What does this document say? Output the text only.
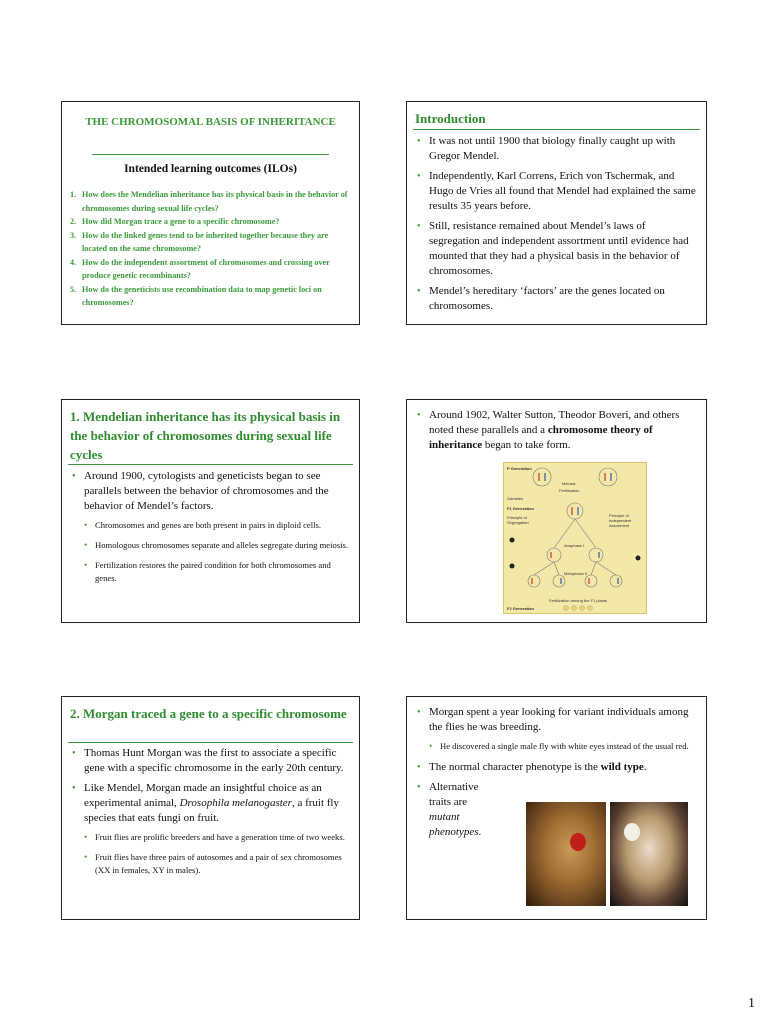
THE CHROMOSOMAL BASIS OF INHERITANCE
Intended learning outcomes (ILOs)
1. How does the Mendelian inheritance has its physical basis in the behavior of chromosomes during sexual life cycles?
2. How did Morgan trace a gene to a specific chromosome?
3. How do the linked genes tend to be inherited together because they are located on the same chromosome?
4. How do the independent assortment of chromosomes and crossing over produce genetic recombinants?
5. How do the geneticists use recombination data to map genetic loci on chromosomes?
Introduction
• It was not until 1900 that biology finally caught up with Gregor Mendel.
• Independently, Karl Correns, Erich von Tschermak, and Hugo de Vries all found that Mendel had explained the same results 35 years before.
• Still, resistance remained about Mendel’s laws of segregation and independent assortment until evidence had mounted that they had a physical basis in the behavior of chromosomes.
• Mendel’s hereditary ‘factors’ are the genes located on chromosomes.
1. Mendelian inheritance has its physical basis in the behavior of chromosomes during sexual life cycles
• Around 1900, cytologists and geneticists began to see parallels between the behavior of chromosomes and the behavior of Mendel’s factors.
• Chromosomes and genes are both present in pairs in diploid cells.
• Homologous chromosomes separate and alleles segregate during meiosis.
• Fertilization restores the paired condition for both chromosomes and genes.
• Around 1902, Walter Sutton, Theodor Boveri, and others noted these parallels and a chromosome theory of inheritance began to take form.
P Generation
F1 Generation
Principle of Segregation
Principle of Independent Assortment
Meiosis
Fertilization
Gametes
Anaphase I
Metaphase II
Fertilization among the F1 plants
F2 Generation
2. Morgan traced a gene to a specific chromosome
• Thomas Hunt Morgan was the first to associate a specific gene with a specific chromosome in the early 20th century.
• Like Mendel, Morgan made an insightful choice as an experimental animal, Drosophila melanogaster, a fruit fly species that eats fungi on fruit.
• Fruit flies are prolific breeders and have a generation time of two weeks.
• Fruit flies have three pairs of autosomes and a pair of sex chromosomes (XX in females, XY in males).
• Morgan spent a year looking for variant individuals among the flies he was breeding.
• He discovered a single male fly with white eyes instead of the usual red.
• The normal character phenotype is the wild type.
• Alternative traits are mutant phenotypes.
1
